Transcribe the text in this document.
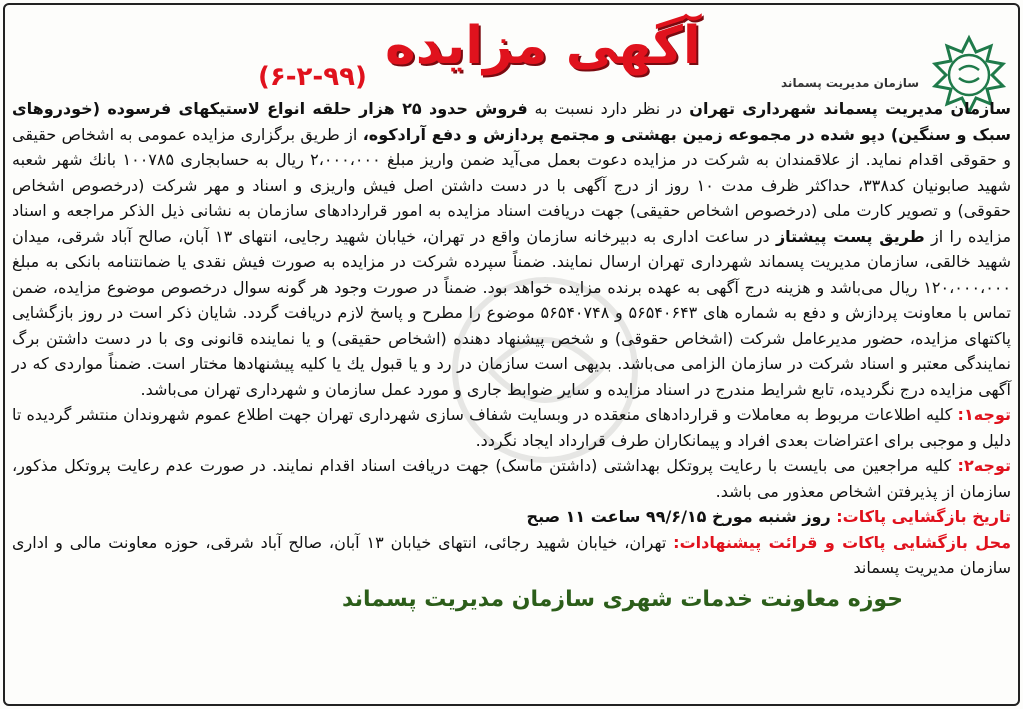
آگهی مزایده
(۶-۲-۹۹)	سازمان مدیریت پسماند

سازمان مدیریت پسماند شهرداری تهران در نظر دارد نسبت به فروش حدود ۲۵ هزار حلقه انواع لاستیکهای فرسوده (خودروهای سبک و سنگین) دپو شده در مجموعه زمین بهشتی و مجتمع پردازش و دفع آرادکوه، از طریق برگزاری مزایده عمومی به اشخاص حقیقی و حقوقی اقدام نماید. از علاقمندان به شرکت در مزایده دعوت بعمل می‌آید ضمن واریز مبلغ ۲،۰۰۰،۰۰۰ ریال به حسابجاری ۱۰۰۷۸۵ بانك شهر شعبه شهید صابونیان کد۳۳۸، حداکثر ظرف مدت ۱۰ روز از درج آگهی با در دست داشتن اصل فیش واریزی و اسناد و مهر شرکت (درخصوص اشخاص حقوقی) و تصویر کارت ملی (درخصوص اشخاص حقیقی) جهت دریافت اسناد مزایده به امور قراردادهای سازمان به نشانی ذیل الذکر مراجعه و اسناد مزایده را از طریق پست پیشتاز در ساعت اداری به دبیرخانه سازمان واقع در تهران، خیابان شهید رجایی، انتهای ۱۳ آبان، صالح آباد شرقی، میدان شهید خالقی، سازمان مدیریت پسماند شهرداری تهران ارسال نمایند. ضمناً سپرده شرکت در مزایده به صورت فیش نقدی یا ضمانتنامه بانکی به مبلغ ۱۲۰،۰۰۰،۰۰۰ ریال می‌باشد و هزینه درج آگهی به عهده برنده مزایده خواهد بود. ضمناً در صورت وجود هر گونه سوال درخصوص موضوع مزایده، ضمن تماس با معاونت پردازش و دفع به شماره های ۵۶۵۴۰۶۴۳ و ۵۶۵۴۰۷۴۸ موضوع را مطرح و پاسخ لازم دریافت گردد. شایان ذکر است در روز بازگشایی پاکتهای مزایده، حضور مدیرعامل شرکت (اشخاص حقوقی) و شخص پیشنهاد دهنده (اشخاص حقیقی) و یا نماینده قانونی وی با در دست داشتن برگ نمایندگی معتبر و اسناد شرکت در سازمان الزامی می‌باشد. بدیهی است سازمان در رد و یا قبول یك یا كلیه پیشنهادها مختار است. ضمناً مواردی که در آگهی مزایده درج نگردیده، تابع شرایط مندرج در اسناد مزایده و سایر ضوابط جاری و مورد عمل سازمان و شهرداری تهران می‌باشد.

توجه۱: کلیه اطلاعات مربوط به معاملات و قراردادهای منعقده در وبسایت شفاف سازی شهرداری تهران جهت اطلاع عموم شهروندان منتشر گردیده تا دلیل و موجبی برای اعتراضات بعدی افراد و پیمانکاران طرف قرارداد ایجاد نگردد.

توجه۲: کلیه مراجعین می بایست با رعایت پروتکل بهداشتی (داشتن ماسک) جهت دریافت اسناد اقدام نمایند. در صورت عدم رعایت پروتکل مذکور، سازمان از پذیرفتن اشخاص معذور می باشد.

تاریخ بازگشایی پاکات: روز شنبه مورخ ۹۹/۶/۱۵ ساعت ۱۱ صبح

محل بازگشایی پاکات و قرائت پیشنهادات: تهران، خیابان شهید رجائی، انتهای خیابان ۱۳ آبان، صالح آباد شرقی، حوزه معاونت مالی و اداری سازمان مدیریت پسماند

حوزه معاونت خدمات شهری سازمان مدیریت پسماند
